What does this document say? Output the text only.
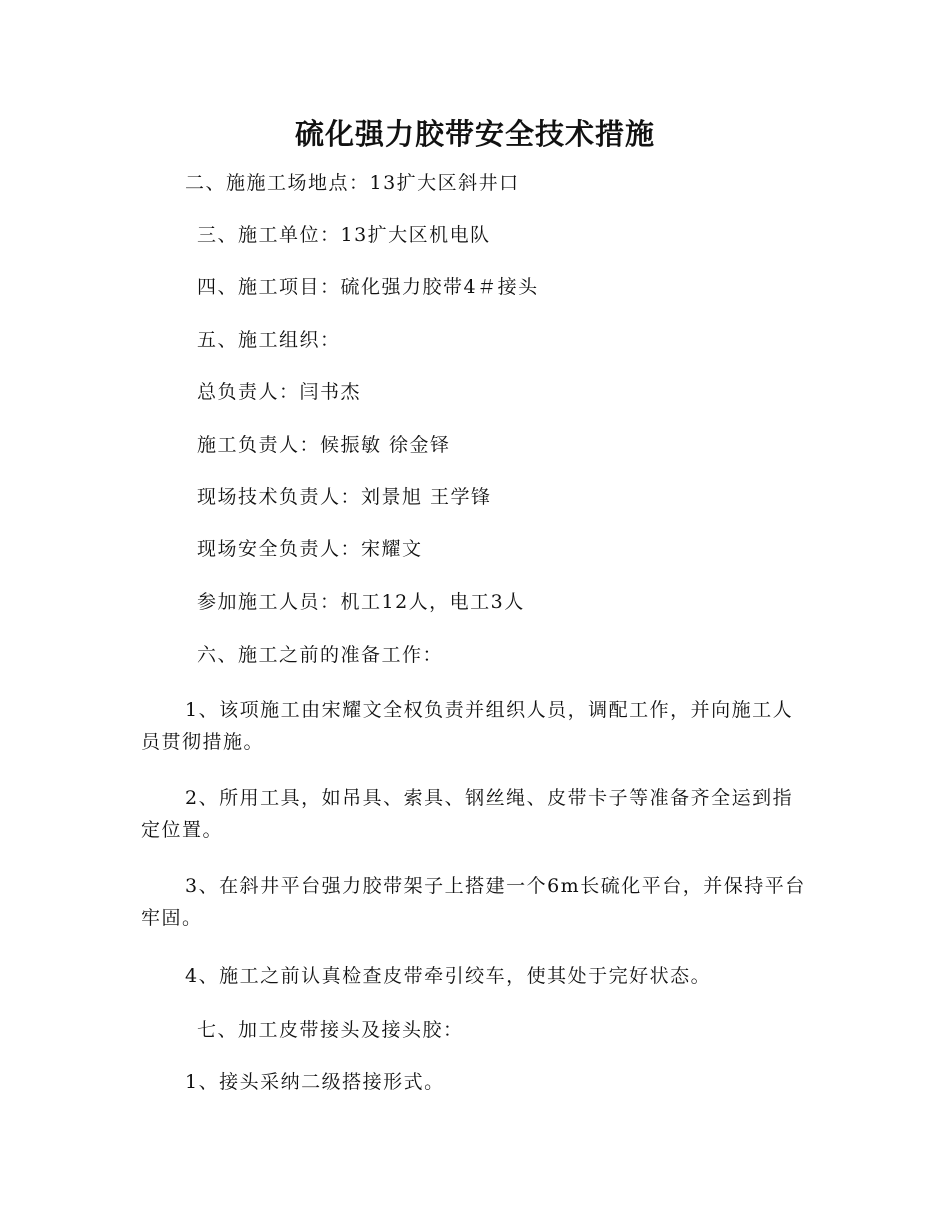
硫化强力胶带安全技术措施

二、施施工场地点：13扩大区斜井口

三、施工单位：13扩大区机电队

四、施工项目：硫化强力胶带4＃接头

五、施工组织：

总负责人：闫书杰

施工负责人：候振敏 徐金铎

现场技术负责人：刘景旭 王学锋

现场安全负责人：宋耀文

参加施工人员：机工12人，电工3人

六、施工之前的准备工作：

1、该项施工由宋耀文全权负责并组织人员，调配工作，并向施工人员贯彻措施。

2、所用工具，如吊具、索具、钢丝绳、皮带卡子等准备齐全运到指定位置。

3、在斜井平台强力胶带架子上搭建一个6m长硫化平台，并保持平台牢固。

4、施工之前认真检查皮带牵引绞车，使其处于完好状态。

七、加工皮带接头及接头胶：

1、接头采纳二级搭接形式。
